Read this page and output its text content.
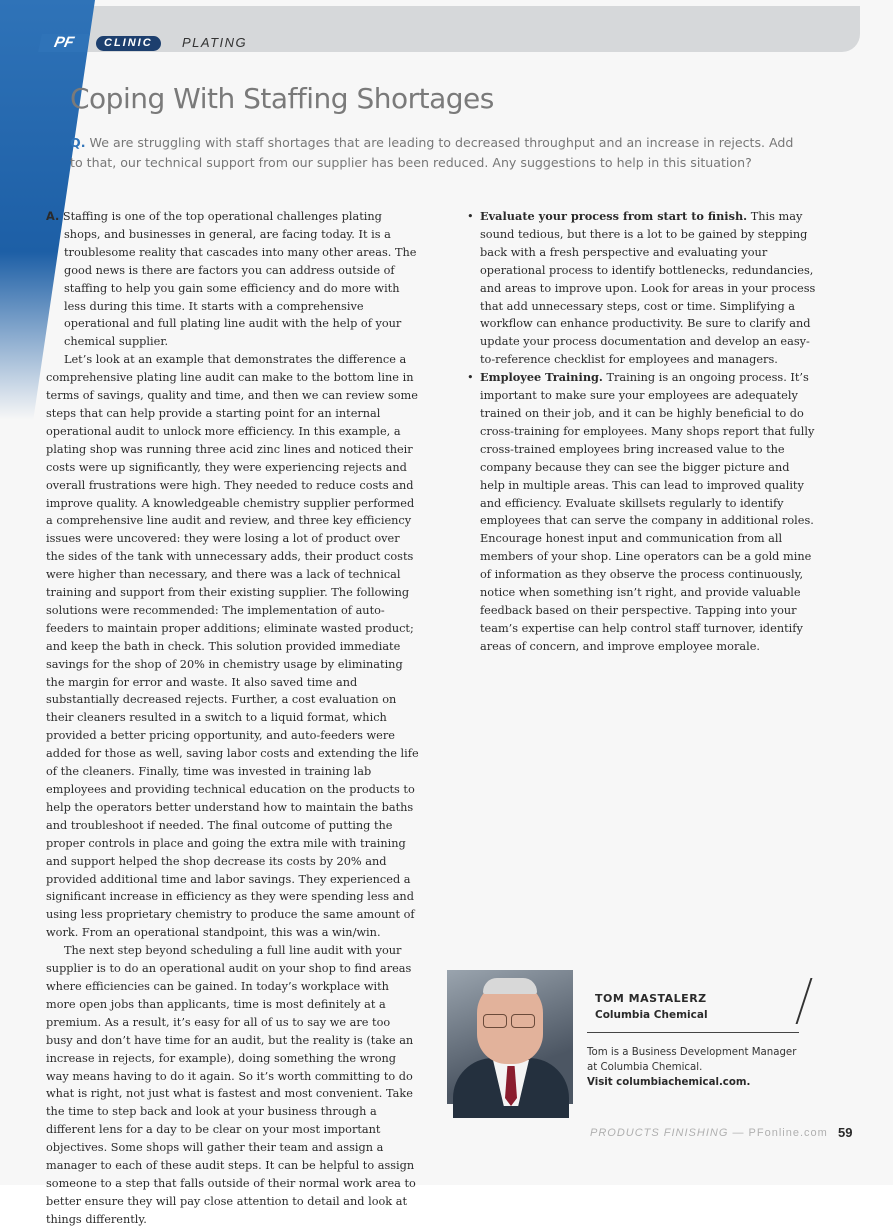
PF	CLINIC	PLATING
Coping With Staffing Shortages
Q. We are struggling with staff shortages that are leading to decreased throughput and an increase in rejects. Add to that, our technical support from our supplier has been reduced. Any suggestions to help in this situation?

A. Staffing is one of the top operational challenges plating shops, and businesses in general, are facing today. It is a troublesome reality that cascades into many other areas. The good news is there are factors you can address outside of staffing to help you gain some efficiency and do more with less during this time. It starts with a comprehensive operational and full plating line audit with the help of your chemical supplier.

Let’s look at an example that demonstrates the difference a comprehensive plating line audit can make to the bottom line in terms of savings, quality and time, and then we can review some steps that can help provide a starting point for an internal operational audit to unlock more efficiency. In this example, a plating shop was running three acid zinc lines and noticed their costs were up significantly, they were experiencing rejects and overall frustrations were high. They needed to reduce costs and improve quality. A knowledgeable chemistry supplier performed a comprehensive line audit and review, and three key efficiency issues were uncovered: they were losing a lot of product over the sides of the tank with unnecessary adds, their product costs were higher than necessary, and there was a lack of technical training and support from their existing supplier. The following solutions were recommended: The implementation of auto-feeders to maintain proper additions; eliminate wasted product; and keep the bath in check. This solution provided immediate savings for the shop of 20% in chemistry usage by eliminating the margin for error and waste. It also saved time and substantially decreased rejects. Further, a cost evaluation on their cleaners resulted in a switch to a liquid format, which provided a better pricing opportunity, and auto-feeders were added for those as well, saving labor costs and extending the life of the cleaners. Finally, time was invested in training lab employees and providing technical education on the products to help the operators better understand how to maintain the baths and troubleshoot if needed. The final outcome of putting the proper controls in place and going the extra mile with training and support helped the shop decrease its costs by 20% and provided additional time and labor savings. They experienced a significant increase in efficiency as they were spending less and using less proprietary chemistry to produce the same amount of work. From an operational standpoint, this was a win/win.

The next step beyond scheduling a full line audit with your supplier is to do an operational audit on your shop to find areas where efficiencies can be gained. In today’s workplace with more open jobs than applicants, time is most definitely at a premium. As a result, it’s easy for all of us to say we are too busy and don’t have time for an audit, but the reality is (take an increase in rejects, for example), doing something the wrong way means having to do it again. So it’s worth committing to do what is right, not just what is fastest and most convenient. Take the time to step back and look at your business through a different lens for a day to be clear on your most important objectives. Some shops will gather their team and assign a manager to each of these audit steps. It can be helpful to assign someone to a step that falls outside of their normal work area to better ensure they will pay close attention to detail and look at things differently.

• Evaluate your process from start to finish. This may sound tedious, but there is a lot to be gained by stepping back with a fresh perspective and evaluating your operational process to identify bottlenecks, redundancies, and areas to improve upon. Look for areas in your process that add unnecessary steps, cost or time. Simplifying a workflow can enhance productivity. Be sure to clarify and update your process documentation and develop an easy-to-reference checklist for employees and managers.
• Employee Training. Training is an ongoing process. It’s important to make sure your employees are adequately trained on their job, and it can be highly beneficial to do cross-training for employees. Many shops report that fully cross-trained employees bring increased value to the company because they can see the bigger picture and help in multiple areas. This can lead to improved quality and efficiency. Evaluate skillsets regularly to identify employees that can serve the company in additional roles. Encourage honest input and communication from all members of your shop. Line operators can be a gold mine of information as they observe the process continuously, notice when something isn’t right, and provide valuable feedback based on their perspective. Tapping into your team’s expertise can help control staff turnover, identify areas of concern, and improve employee morale.
TOM MASTALERZ
Columbia Chemical
Tom is a Business Development Manager at Columbia Chemical.
Visit columbiachemical.com.
PRODUCTS FINISHING — PFonline.com 59
